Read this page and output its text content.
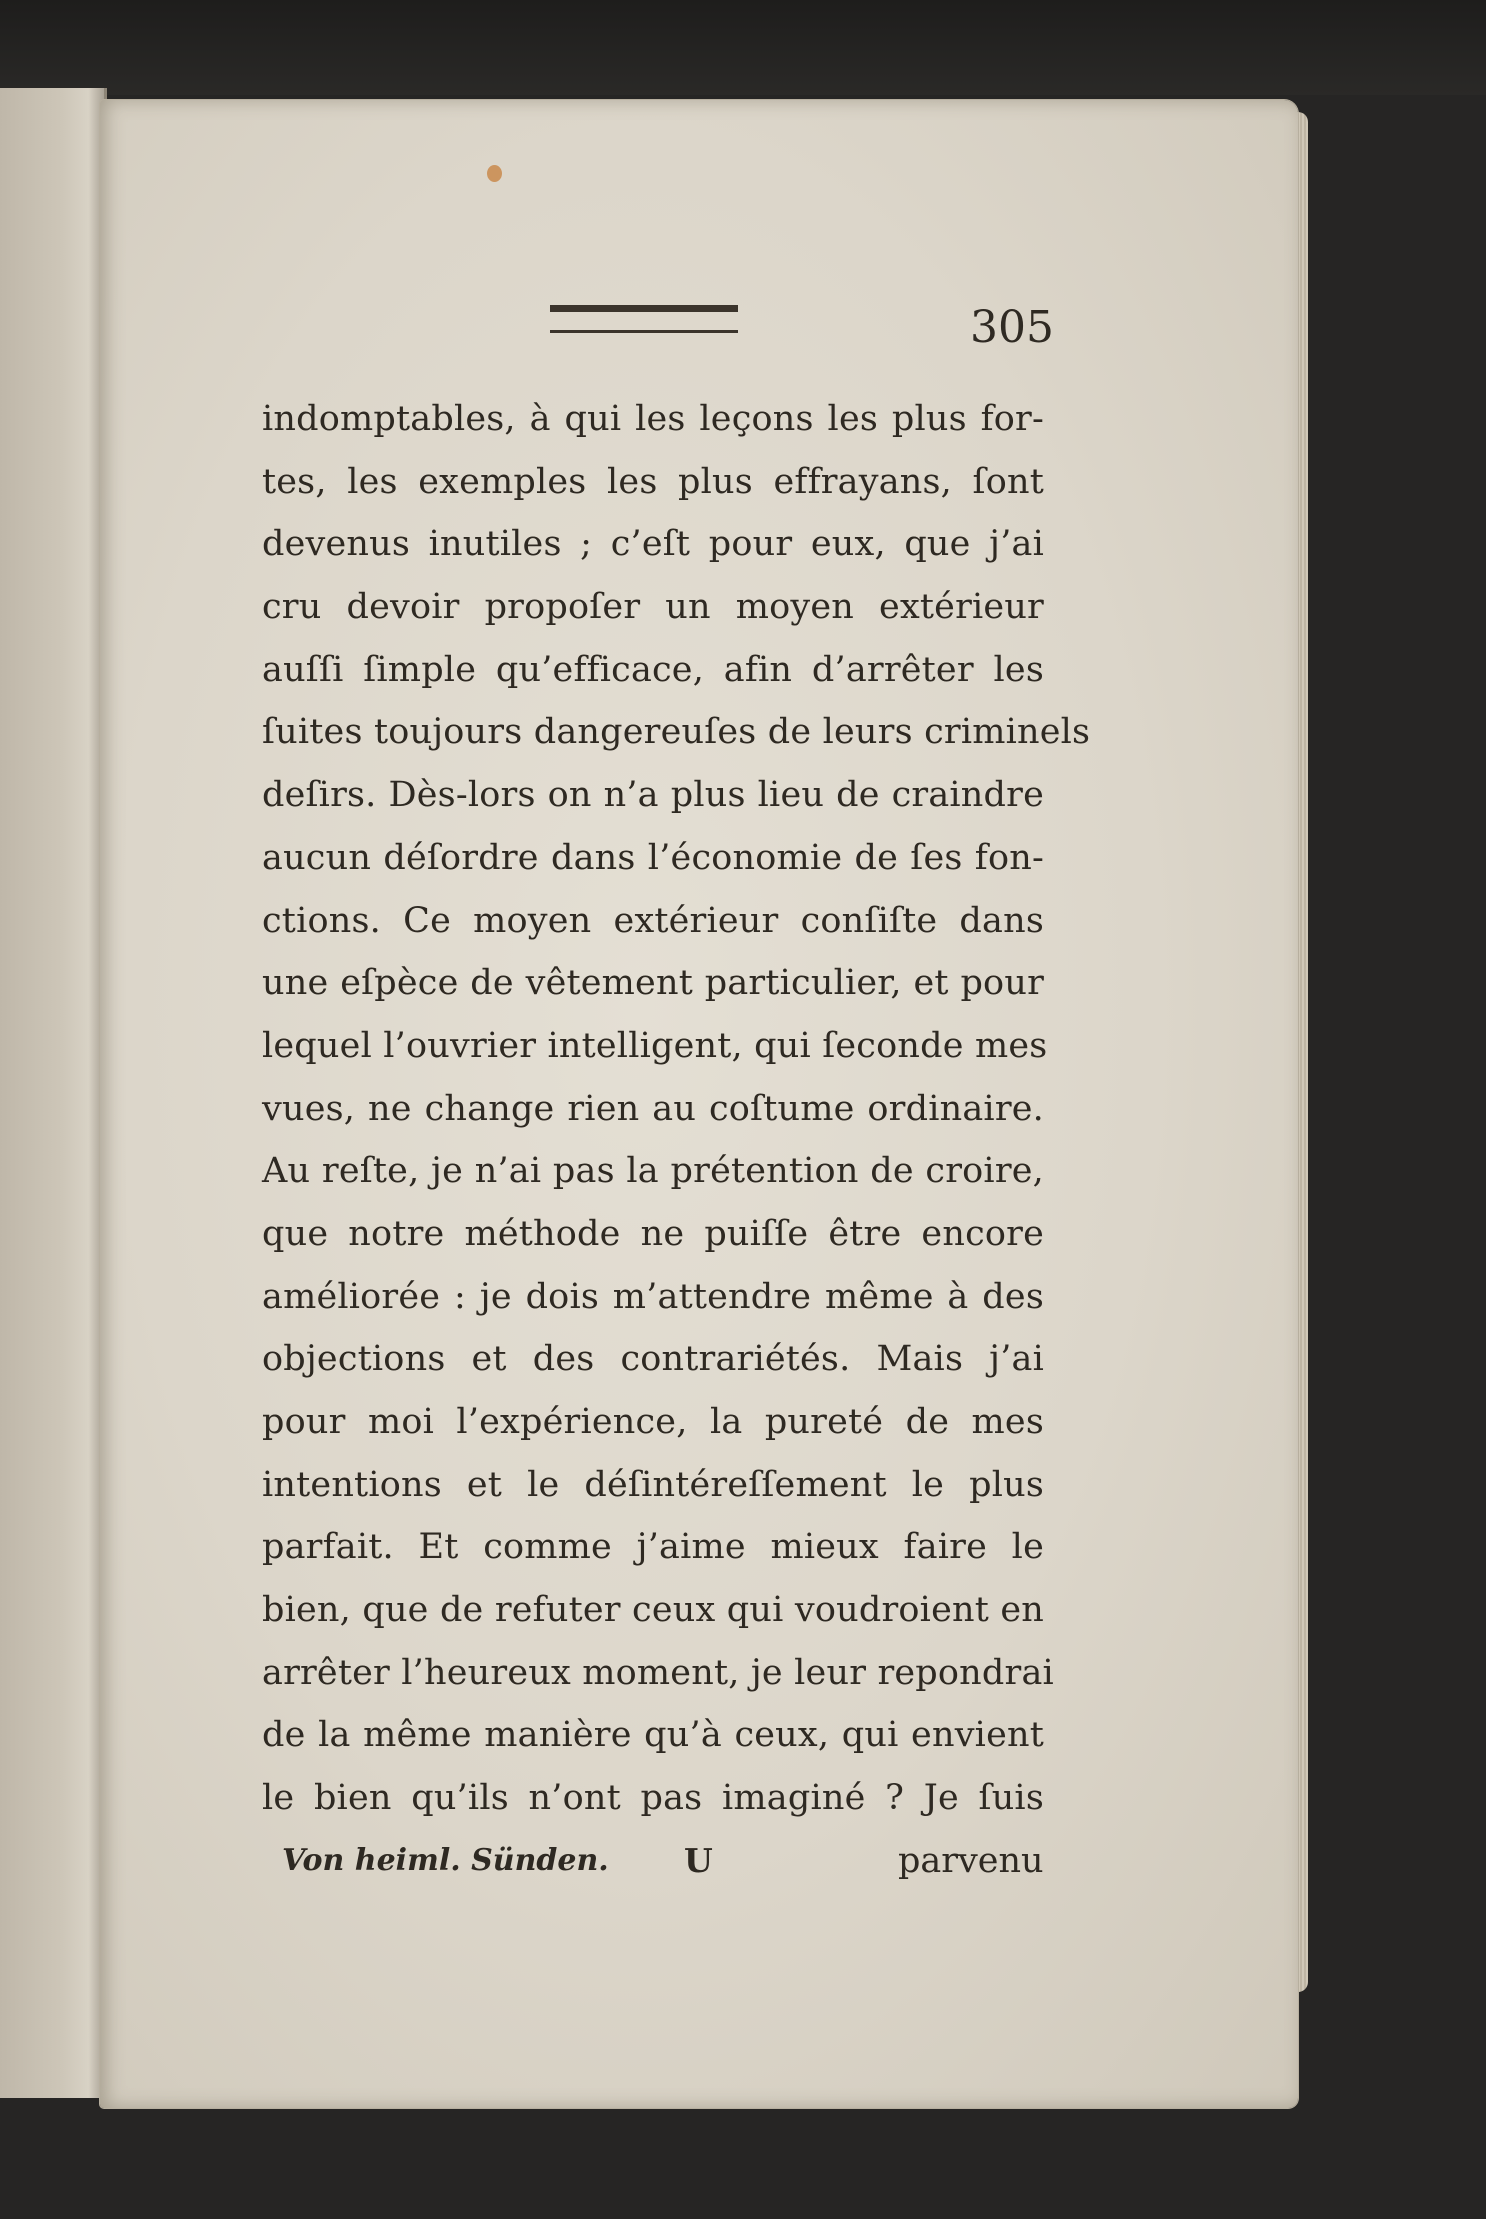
305
indomptables, à qui les leçons les plus for-
tes, les exemples les plus effrayans, ſont
devenus inutiles ; c’eſt pour eux, que j’ai
cru devoir propoſer un moyen extérieur
auſſi ſimple qu’efficace, afin d’arrêter les
ſuites toujours dangereuſes de leurs criminels
deſirs. Dès-lors on n’a plus lieu de craindre
aucun déſordre dans l’économie de ſes fon-
ctions. Ce moyen extérieur conſiſte dans
une eſpèce de vêtement particulier, et pour
lequel l’ouvrier intelligent, qui ſeconde mes
vues, ne change rien au coſtume ordinaire.
Au reſte, je n’ai pas la prétention de croire,
que notre méthode ne puiſſe être encore
améliorée : je dois m’attendre même à des
objections et des contrariétés. Mais j’ai
pour moi l’expérience, la pureté de mes
intentions et le déſintéreſſement le plus
parfait. Et comme j’aime mieux faire le
bien, que de refuter ceux qui voudroient en
arrêter l’heureux moment, je leur repondrai
de la même manière qu’à ceux, qui envient
le bien qu’ils n’ont pas imaginé ? Je ſuis
Von heiml. Sünden. U	parvenu
